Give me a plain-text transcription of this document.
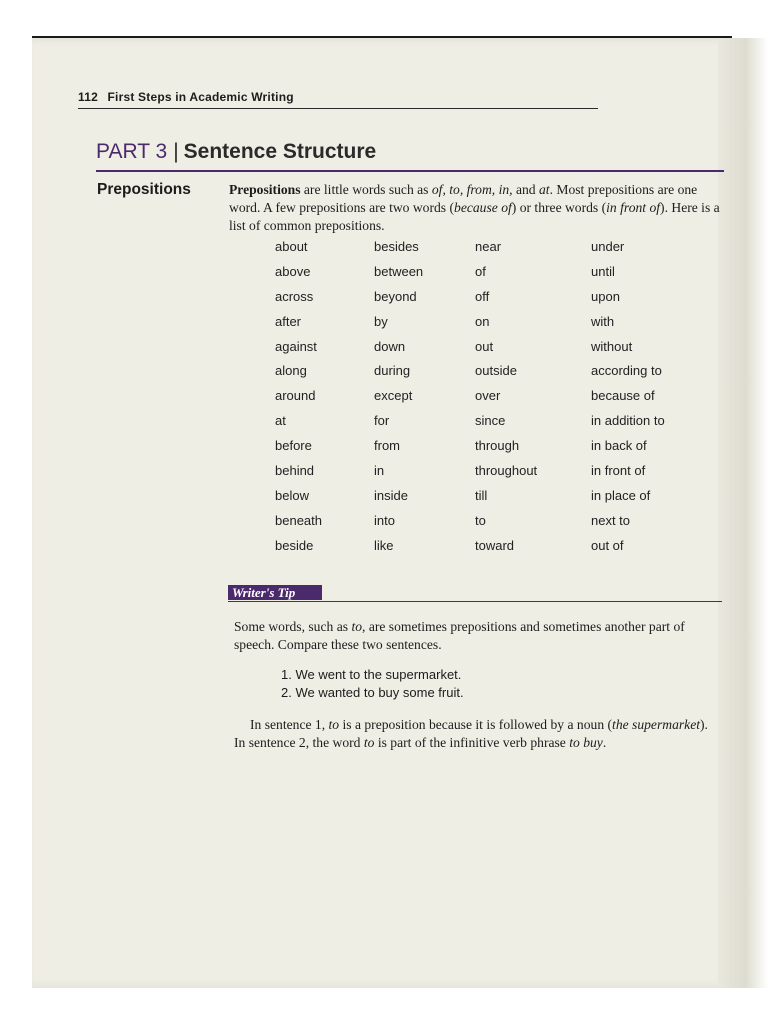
112 First Steps in Academic Writing
PART 3 | Sentence Structure
Prepositions	Prepositions are little words such as of, to, from, in, and at. Most prepositions are one word. A few prepositions are two words (because of) or three words (in front of). Here is a list of common prepositions.
about
above
across
after
against
along
around
at
before
behind
below
beneath
beside
besides
between
beyond
by
down
during
except
for
from
in
inside
into
like
near
of
off
on
out
outside
over
since
through
throughout
till
to
toward
under
until
upon
with
without
according to
because of
in addition to
in back of
in front of
in place of
next to
out of
Writer's Tip
Some words, such as to, are sometimes prepositions and sometimes another part of speech. Compare these two sentences.
1. We went to the supermarket.
2. We wanted to buy some fruit.
In sentence 1, to is a preposition because it is followed by a noun (the supermarket). In sentence 2, the word to is part of the infinitive verb phrase to buy.
